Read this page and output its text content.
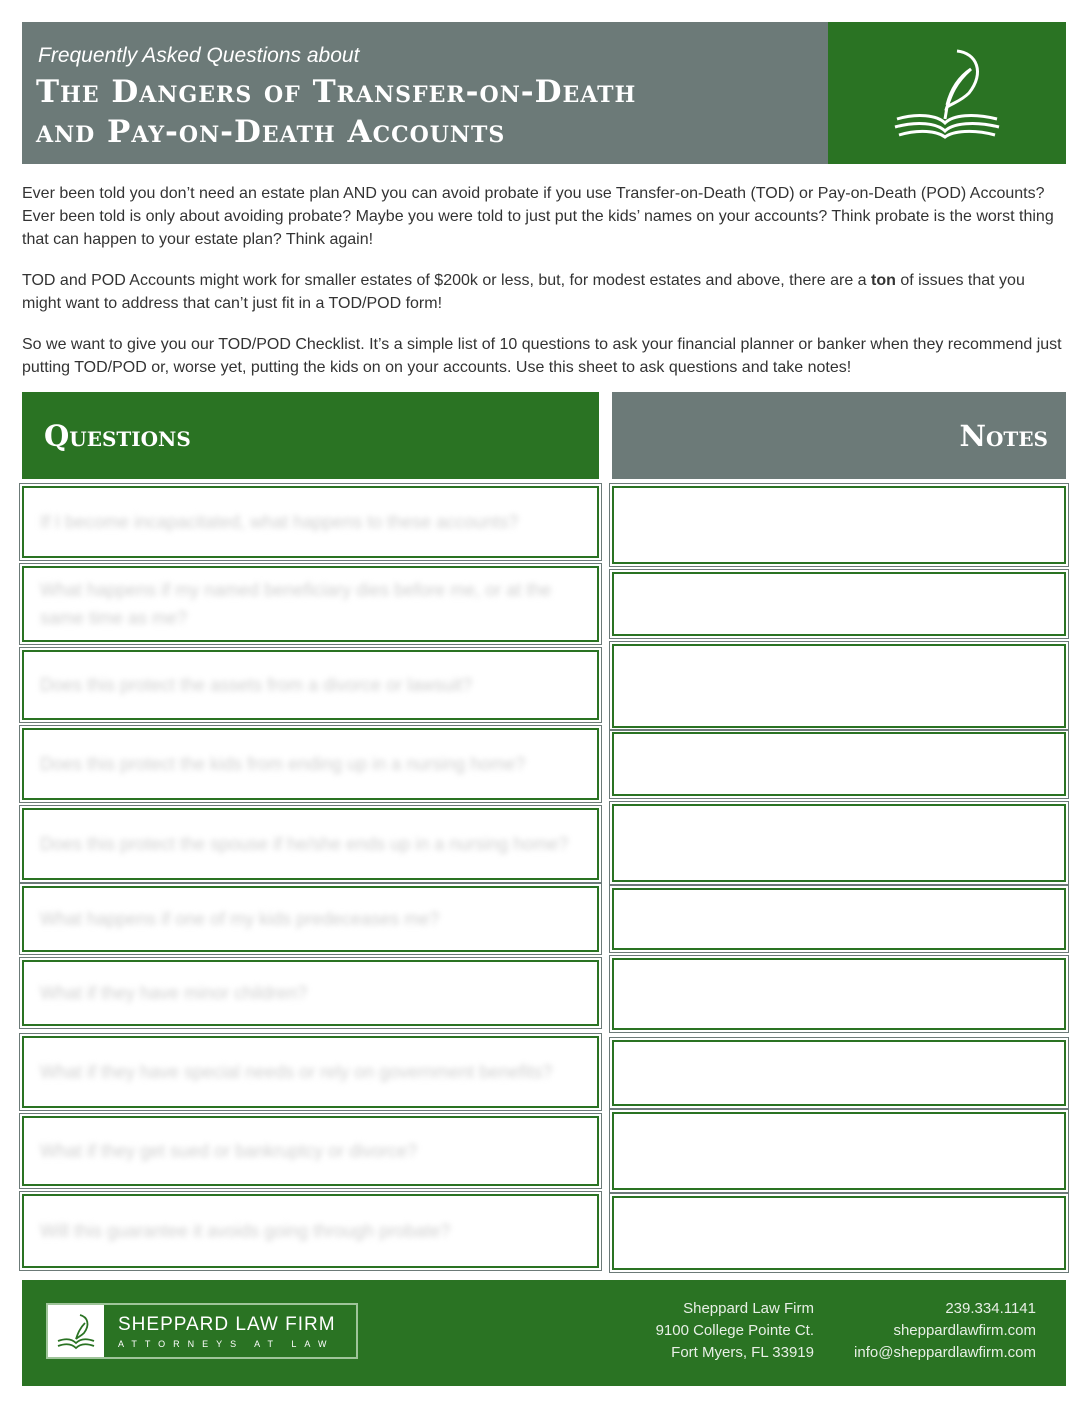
Frequently Asked Questions about
The Dangers of Transfer-on-Death
and Pay-on-Death Accounts

Ever been told you don’t need an estate plan AND you can avoid probate if you use Transfer-on-Death (TOD) or Pay-on-Death (POD) Accounts? Ever been told is only about avoiding probate? Maybe you were told to just put the kids’ names on your accounts? Think probate is the worst thing that can happen to your estate plan? Think again!

TOD and POD Accounts might work for smaller estates of $200k or less, but, for modest estates and above, there are a ton of issues that you might want to address that can’t just fit in a TOD/POD form!

So we want to give you our TOD/POD Checklist. It’s a simple list of 10 questions to ask your financial planner or banker when they recommend just putting TOD/POD or, worse yet, putting the kids on on your accounts. Use this sheet to ask questions and take notes!

Questions	Notes
If I become incapacitated, what happens to these accounts?
What happens if my named beneficiary dies before me, or at the same time as me?
Does this protect the assets from a divorce or lawsuit?
Does this protect the kids from ending up in a nursing home?
Does this protect the spouse if he/she ends up in a nursing home?
What happens if one of my kids predeceases me?
What if they have minor children?
What if they have special needs or rely on government benefits?
What if they get sued or bankruptcy or divorce?
Will this guarantee it avoids going through probate?
SHEPPARD LAW FIRM
ATTORNEYS AT LAW
Sheppard Law Firm
9100 College Pointe Ct.
Fort Myers, FL 33919
239.334.1141
sheppardlawfirm.com
info@sheppardlawfirm.com
